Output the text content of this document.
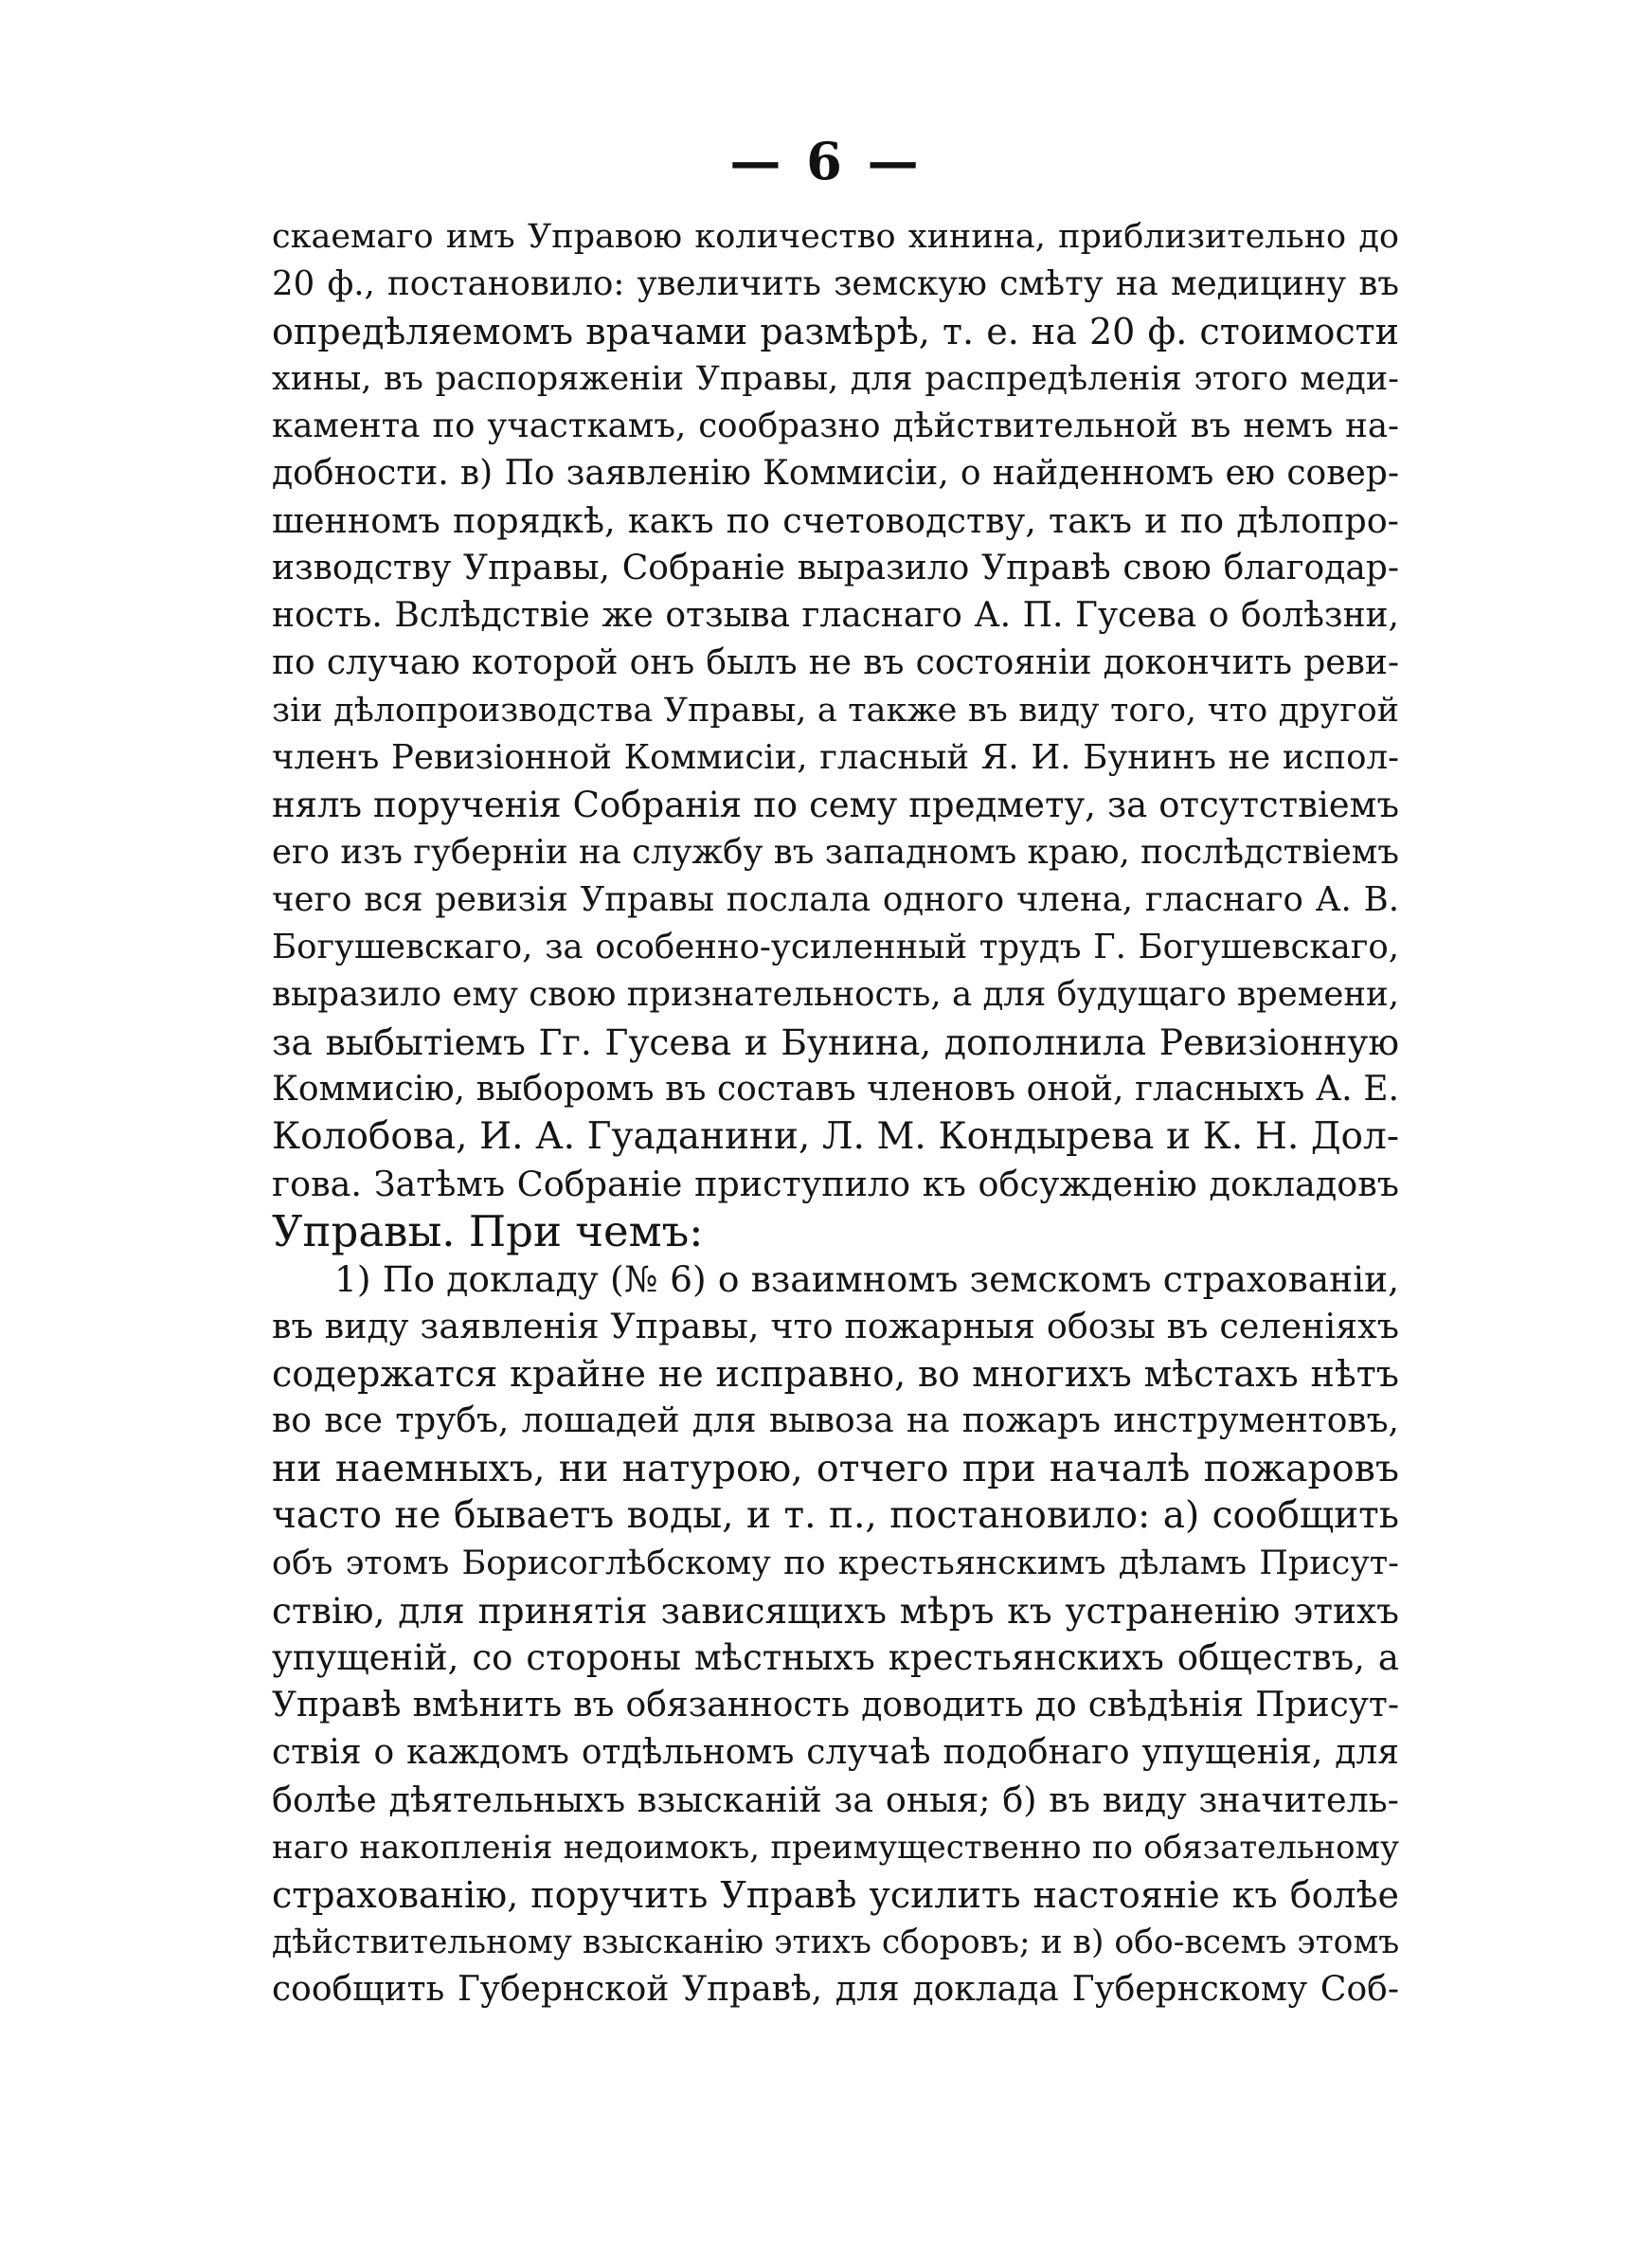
— 6 —
скаемаго имъ Управою количество хинина, приблизительно до
20 ф., постановило: увеличить земскую смѣту на медицину въ
опредѣляемомъ врачами размѣрѣ, т. е. на 20 ф. стоимости
хины, въ распоряженіи Управы, для распредѣленія этого меди-
камента по участкамъ, сообразно дѣйствительной въ немъ на-
добности. в) По заявленію Коммисіи, о найденномъ ею совер-
шенномъ порядкѣ, какъ по счетоводству, такъ и по дѣлопро-
изводству Управы, Собраніе выразило Управѣ свою благодар-
ность. Вслѣдствіе же отзыва гласнаго А. П. Гусева о болѣзни,
по случаю которой онъ былъ не въ состояніи докончить реви-
зіи дѣлопроизводства Управы, а также въ виду того, что другой
членъ Ревизіонной Коммисіи, гласный Я. И. Бунинъ не испол-
нялъ порученія Собранія по сему предмету, за отсутствіемъ
его изъ губерніи на службу въ западномъ краю, послѣдствіемъ
чего вся ревизія Управы послала одного члена, гласнаго А. В.
Богушевскаго, за особенно-усиленный трудъ Г. Богушевскаго,
выразило ему свою признательность, а для будущаго времени,
за выбытіемъ Гг. Гусева и Бунина, дополнила Ревизіонную
Коммисію, выборомъ въ составъ членовъ оной, гласныхъ А. Е.
Колобова, И. А. Гуаданини, Л. М. Кондырева и К. Н. Дол-
гова. Затѣмъ Собраніе приступило къ обсужденію докладовъ
Управы. При чемъ:
1) По докладу (№ 6) о взаимномъ земскомъ страхованіи,
въ виду заявленія Управы, что пожарныя обозы въ селеніяхъ
содержатся крайне не исправно, во многихъ мѣстахъ нѣтъ
во все трубъ, лошадей для вывоза на пожаръ инструментовъ,
ни наемныхъ, ни натурою, отчего при началѣ пожаровъ
часто не бываетъ воды, и т. п., постановило: а) сообщить
объ этомъ Борисоглѣбскому по крестьянскимъ дѣламъ Присут-
ствію, для принятія зависящихъ мѣръ къ устраненію этихъ
упущеній, со стороны мѣстныхъ крестьянскихъ обществъ, а
Управѣ вмѣнить въ обязанность доводить до свѣдѣнія Присут-
ствія о каждомъ отдѣльномъ случаѣ подобнаго упущенія, для
болѣе дѣятельныхъ взысканій за оныя; б) въ виду значитель-
наго накопленія недоимокъ, преимущественно по обязательному
страхованію, поручить Управѣ усилить настояніе къ болѣе
дѣйствительному взысканію этихъ сборовъ; и в) обо-всемъ этомъ
сообщить Губернской Управѣ, для доклада Губернскому Соб-
